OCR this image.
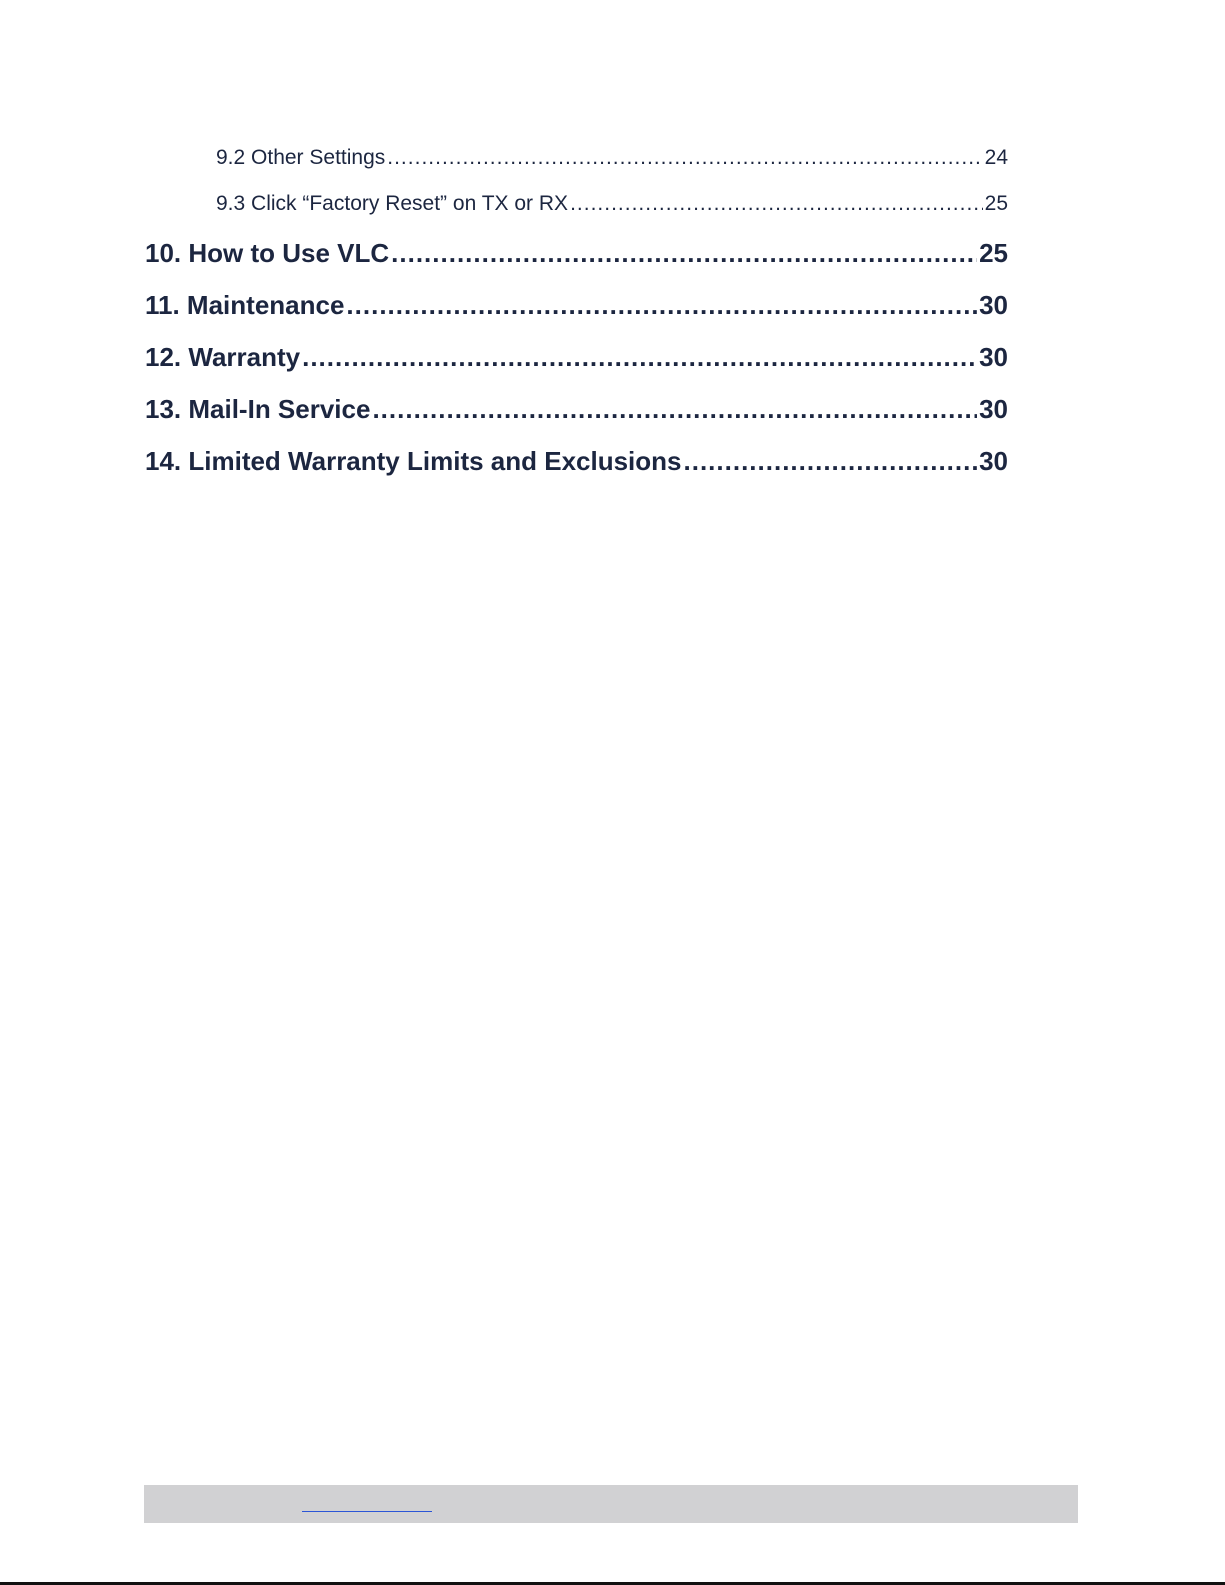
9.2 Other Settings .....	24
9.3 Click “Factory Reset” on TX or RX .....	25
10. How to Use VLC .....	25
11. Maintenance .....	30
12. Warranty .....	30
13. Mail-In Service .....	30
14. Limited Warranty Limits and Exclusions .....	30
